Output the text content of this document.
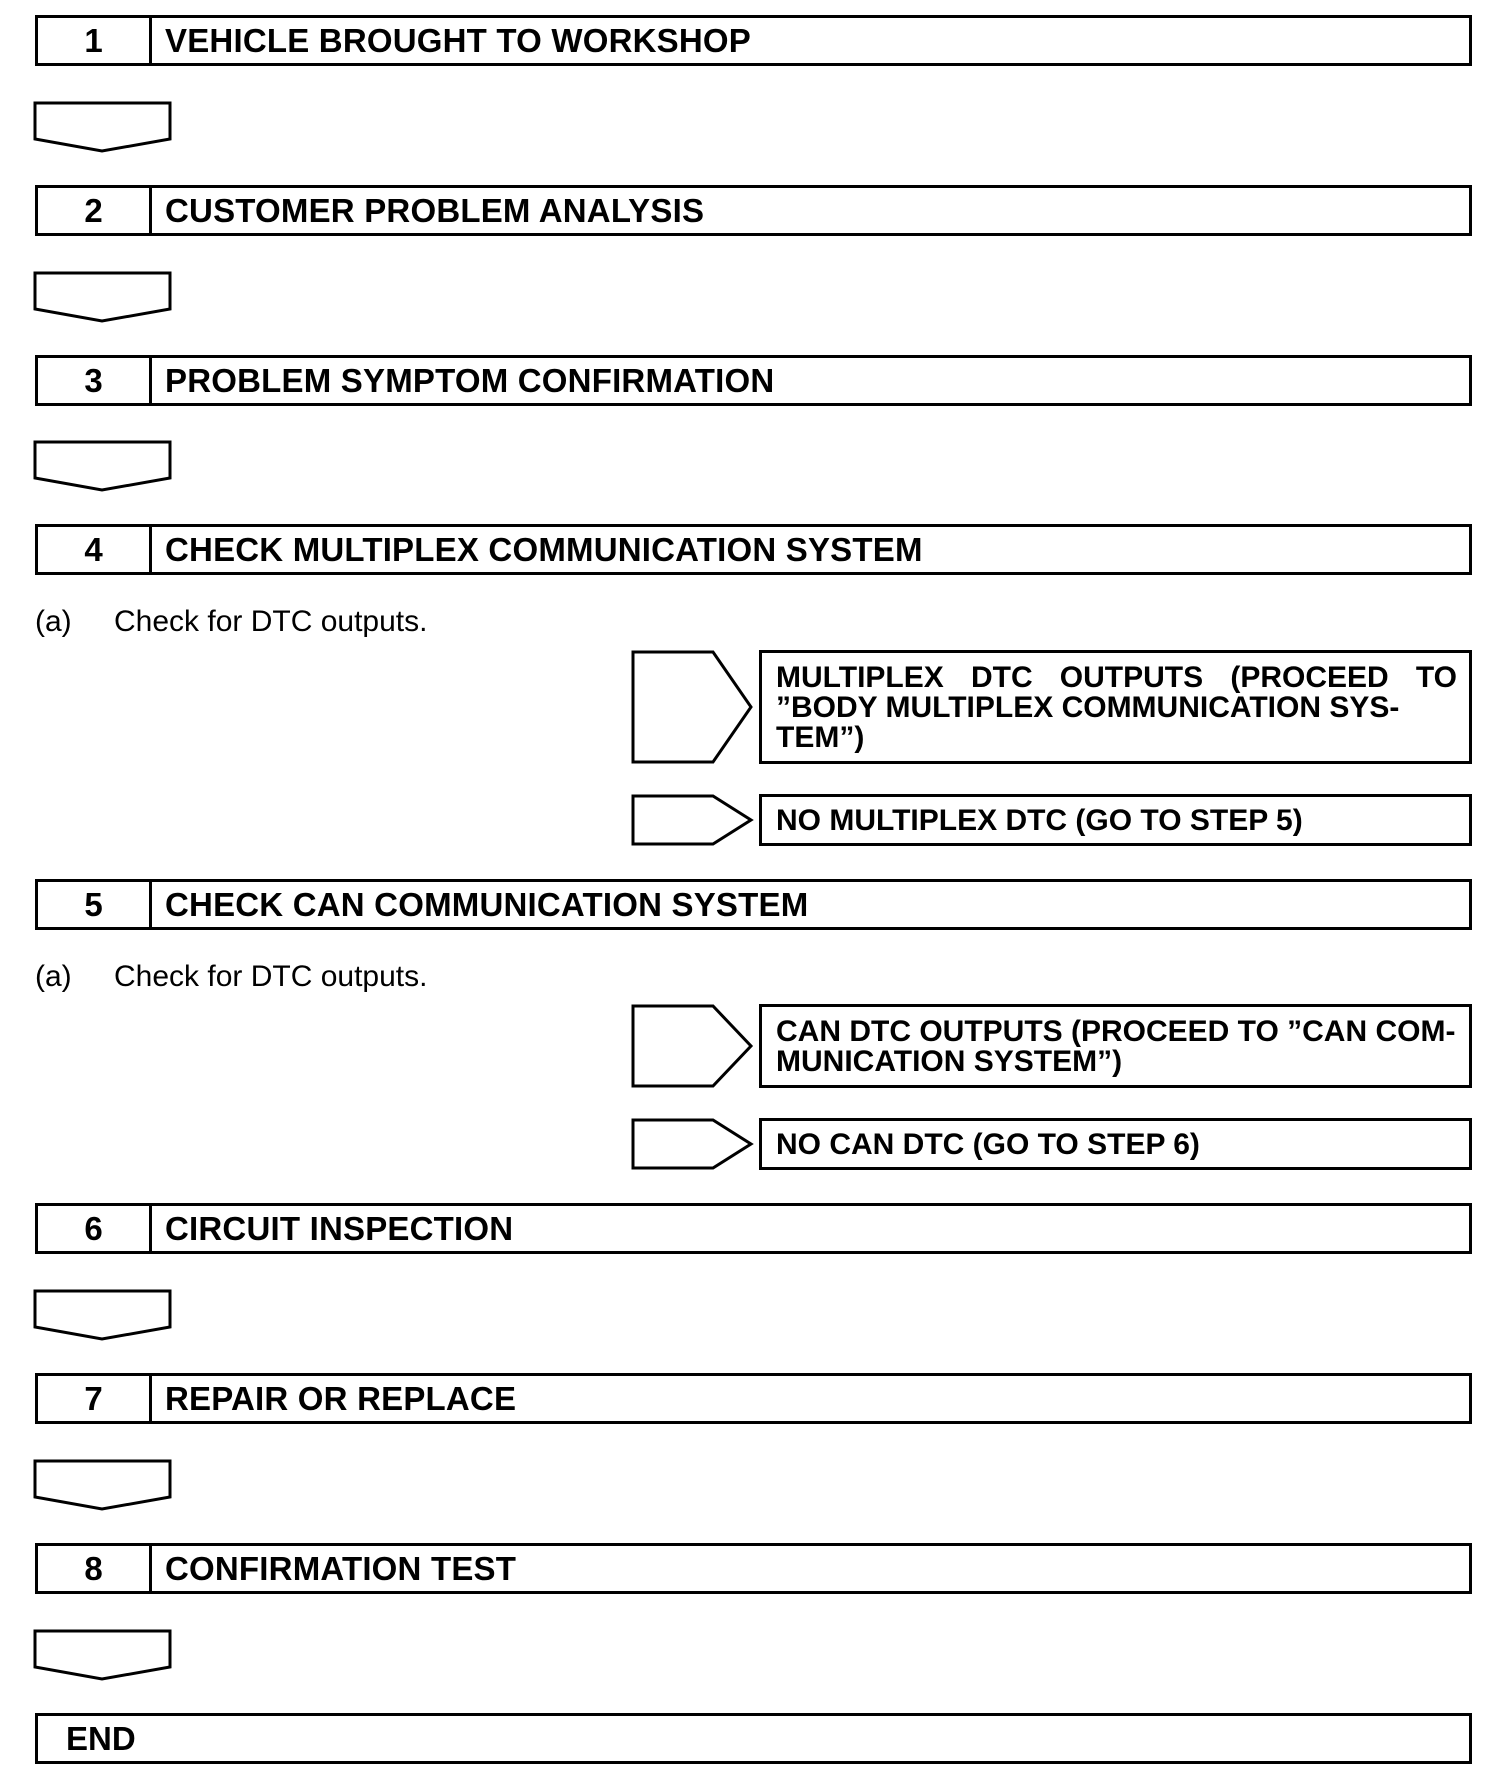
1	VEHICLE BROUGHT TO WORKSHOP
2	CUSTOMER PROBLEM ANALYSIS
3	PROBLEM SYMPTOM CONFIRMATION
4	CHECK MULTIPLEX COMMUNICATION SYSTEM
(a) Check for DTC outputs.
MULTIPLEX DTC OUTPUTS (PROCEED TO ”BODY MULTIPLEX COMMUNICATION SYS-
TEM”)
NO MULTIPLEX DTC (GO TO STEP 5)
5	CHECK CAN COMMUNICATION SYSTEM
(a) Check for DTC outputs.
CAN DTC OUTPUTS (PROCEED TO ”CAN COM-
MUNICATION SYSTEM”)
NO CAN DTC (GO TO STEP 6)
6	CIRCUIT INSPECTION
7	REPAIR OR REPLACE
8	CONFIRMATION TEST
END
